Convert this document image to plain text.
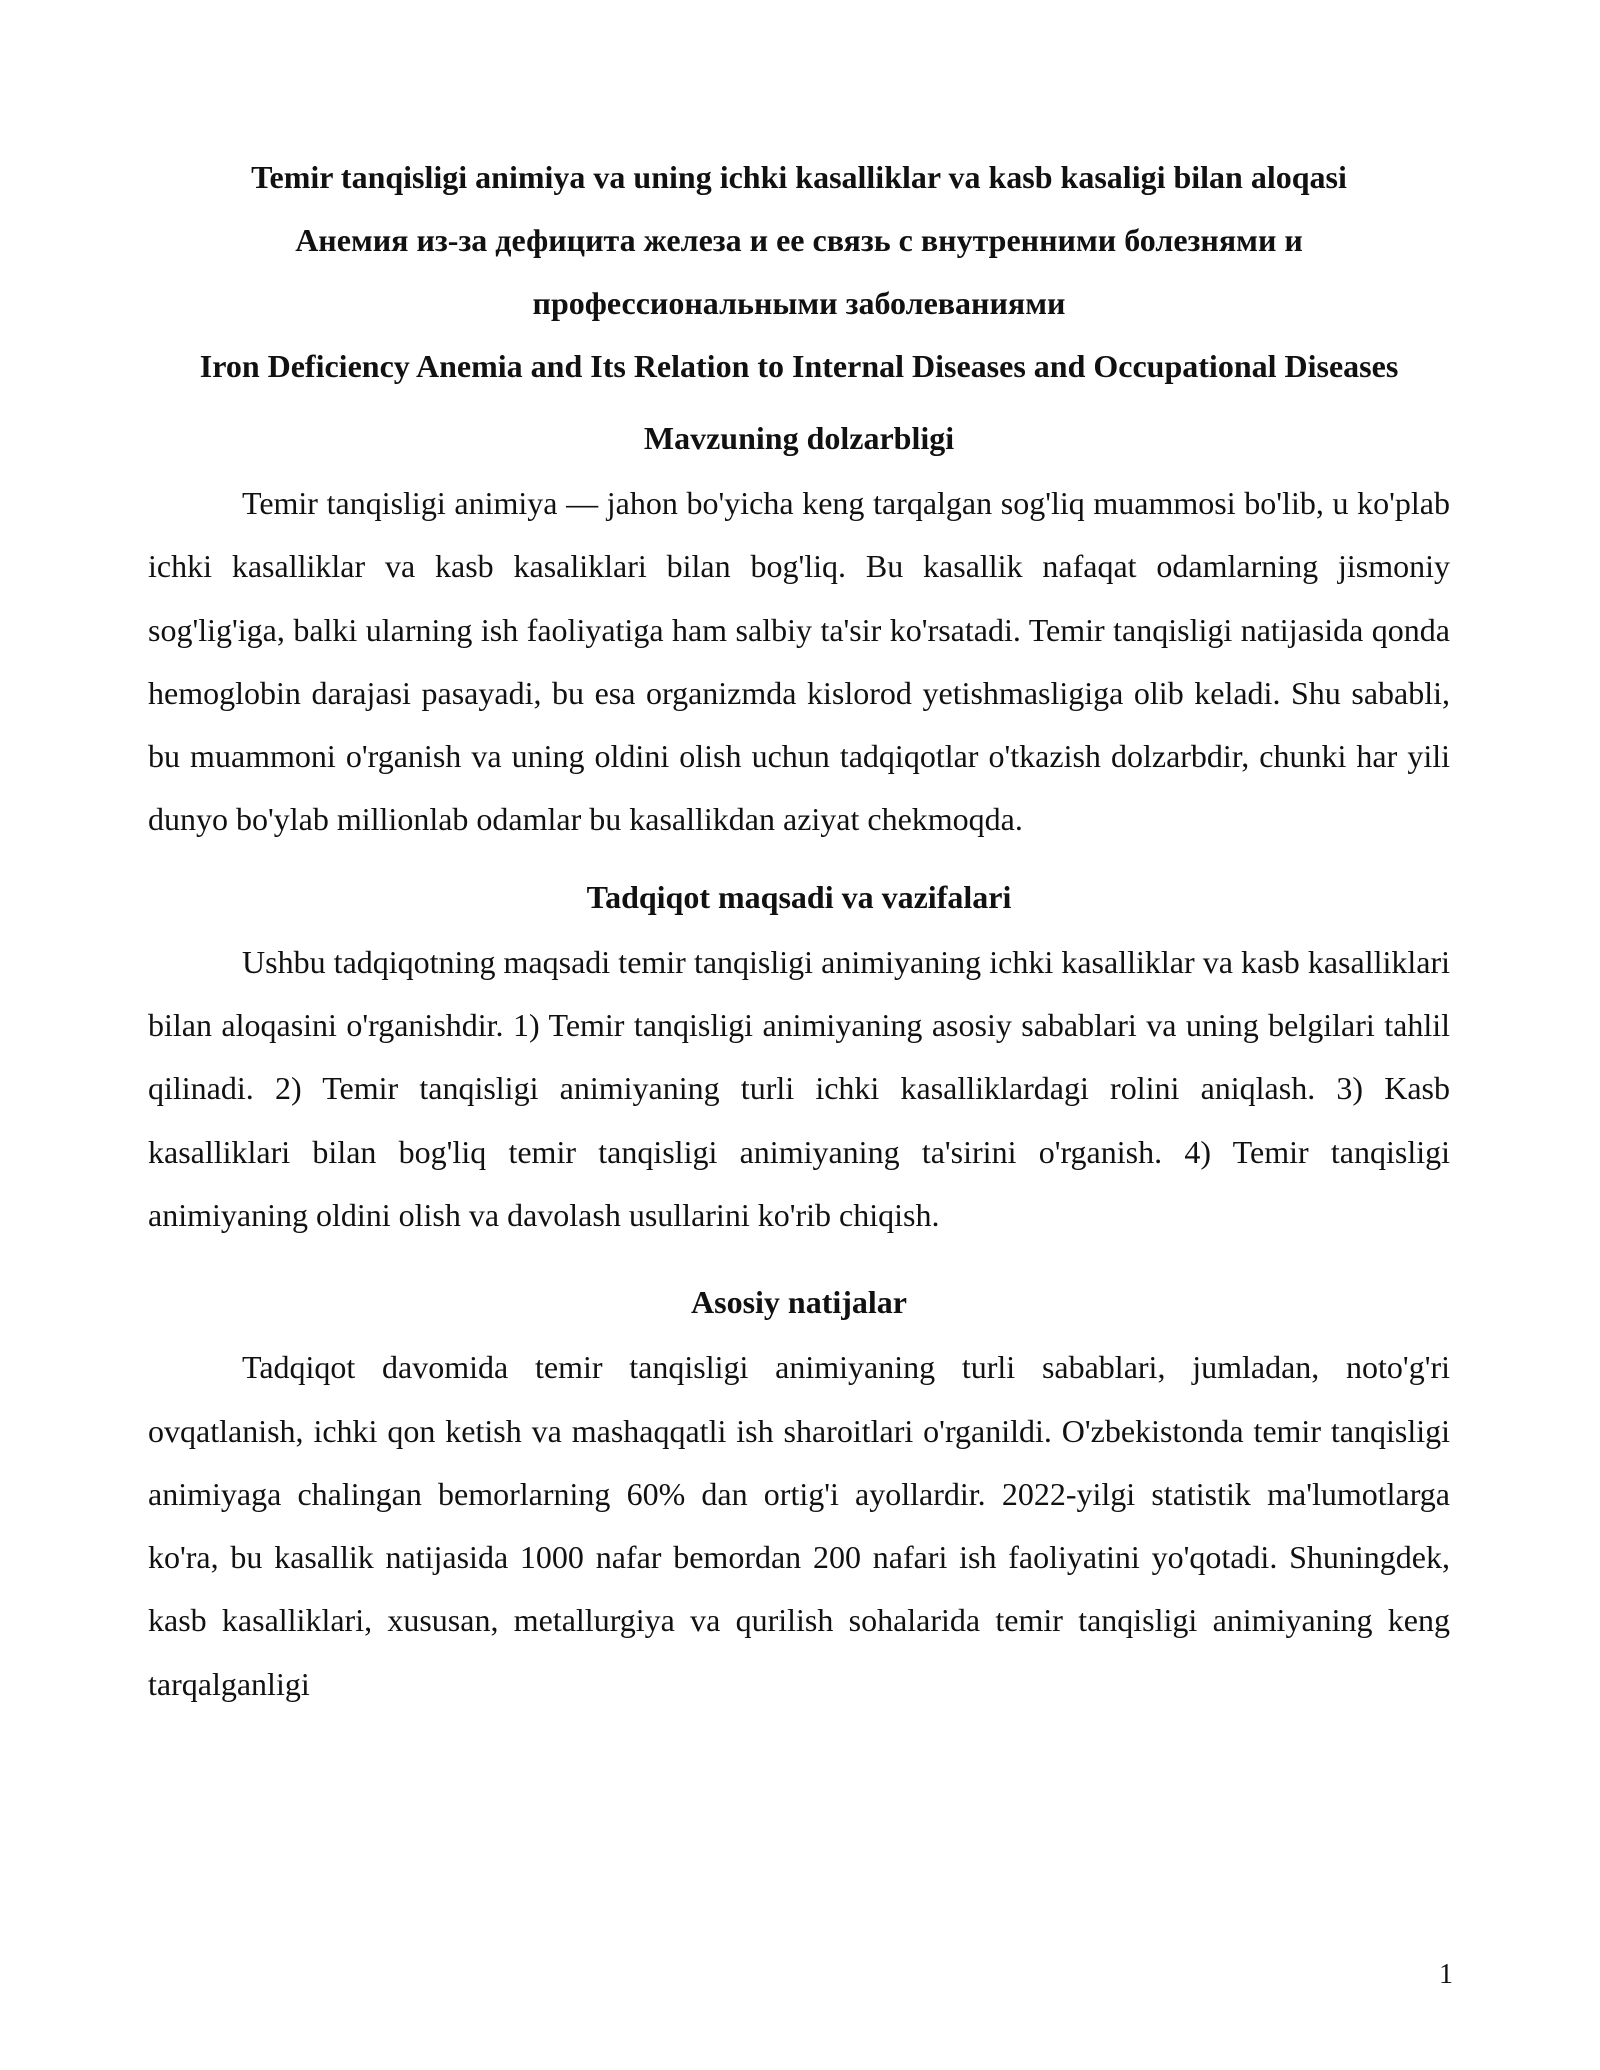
Temir tanqisligi animiya va uning ichki kasalliklar va kasb kasaligi bilan aloqasi

Анемия из-за дефицита железа и ее связь с внутренними болезнями и профессиональными заболеваниями

Iron Deficiency Anemia and Its Relation to Internal Diseases and Occupational Diseases

Mavzuning dolzarbligi

Temir tanqisligi animiya — jahon bo'yicha keng tarqalgan sog'liq muammosi bo'lib, u ko'plab ichki kasalliklar va kasb kasaliklari bilan bog'liq. Bu kasallik nafaqat odamlarning jismoniy sog'lig'iga, balki ularning ish faoliyatiga ham salbiy ta'sir ko'rsatadi. Temir tanqisligi natijasida qonda hemoglobin darajasi pasayadi, bu esa organizmda kislorod yetishmasligiga olib keladi. Shu sababli, bu muammoni o'rganish va uning oldini olish uchun tadqiqotlar o'tkazish dolzarbdir, chunki har yili dunyo bo'ylab millionlab odamlar bu kasallikdan aziyat chekmoqda.

Tadqiqot maqsadi va vazifalari

Ushbu tadqiqotning maqsadi temir tanqisligi animiyaning ichki kasalliklar va kasb kasalliklari bilan aloqasini o'rganishdir. 1) Temir tanqisligi animiyaning asosiy sabablari va uning belgilari tahlil qilinadi. 2) Temir tanqisligi animiyaning turli ichki kasalliklardagi rolini aniqlash. 3) Kasb kasalliklari bilan bog'liq temir tanqisligi animiyaning ta'sirini o'rganish. 4) Temir tanqisligi animiyaning oldini olish va davolash usullarini ko'rib chiqish.

Asosiy natijalar

Tadqiqot davomida temir tanqisligi animiyaning turli sabablari, jumladan, noto'g'ri ovqatlanish, ichki qon ketish va mashaqqatli ish sharoitlari o'rganildi. O'zbekistonda temir tanqisligi animiyaga chalingan bemorlarning 60% dan ortig'i ayollardir. 2022-yilgi statistik ma'lumotlarga ko'ra, bu kasallik natijasida 1000 nafar bemordan 200 nafari ish faoliyatini yo'qotadi. Shuningdek, kasb kasalliklari, xususan, metallurgiya va qurilish sohalarida temir tanqisligi animiyaning keng tarqalganligi

1
